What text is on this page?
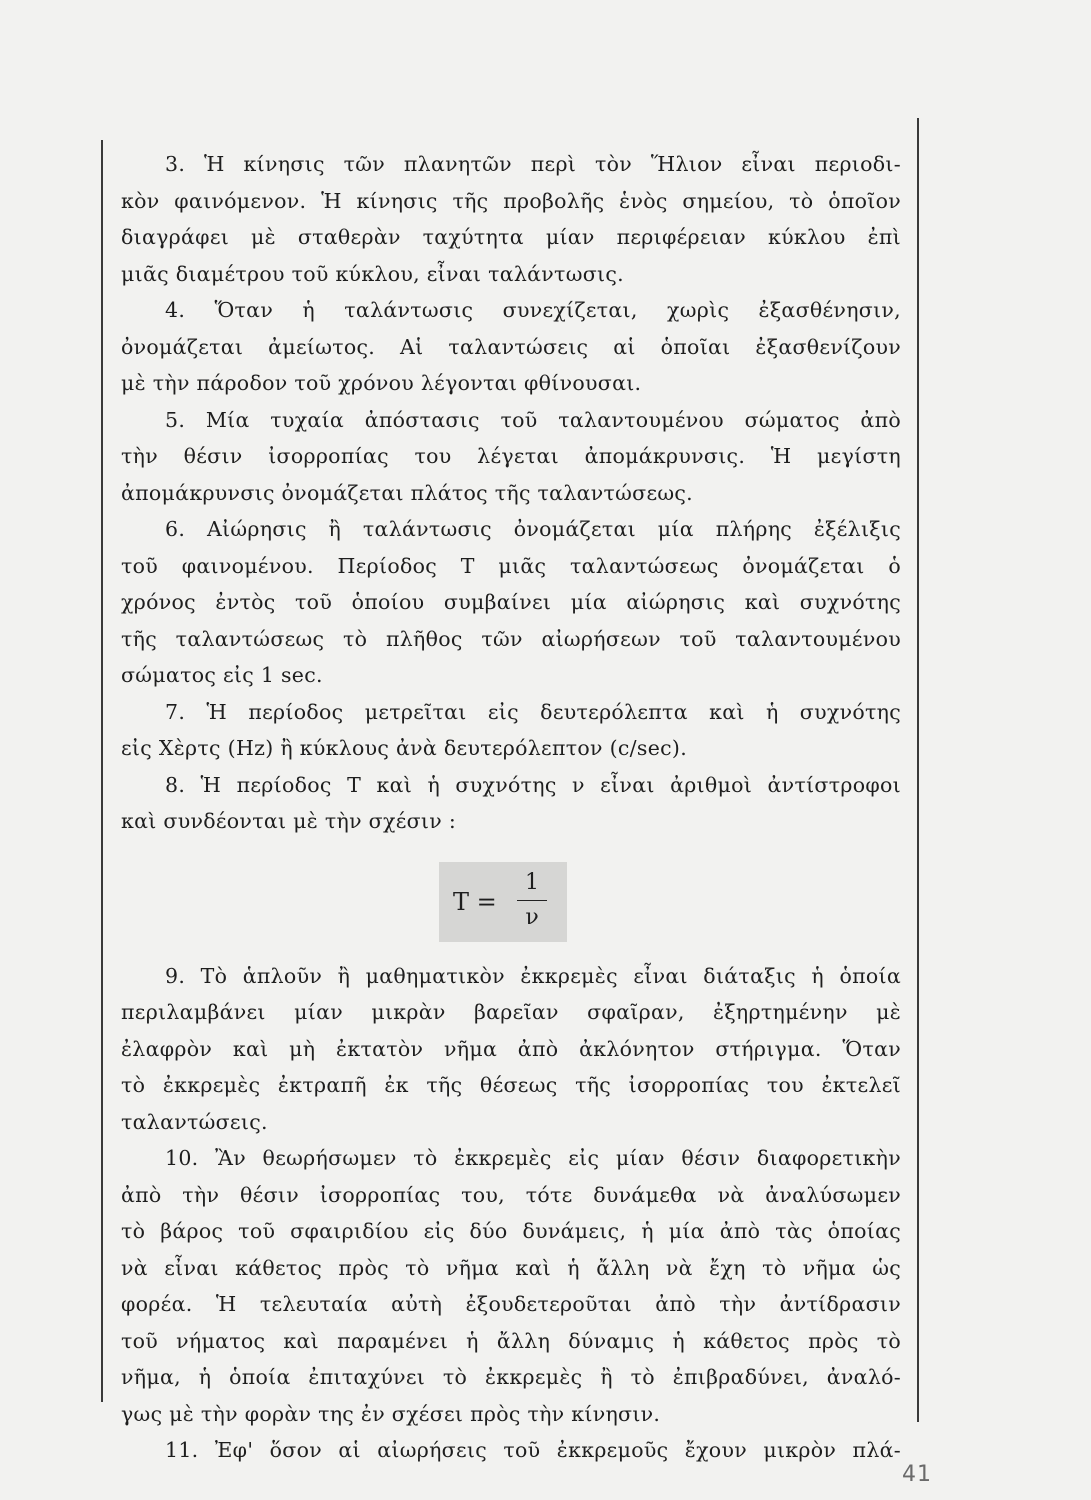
3. Ἡ κίνησις τῶν πλανητῶν περὶ τὸν Ἥλιον εἶναι περιοδι-
κὸν φαινόμενον. Ἡ κίνησις τῆς προβολῆς ἑνὸς σημείου, τὸ ὁποῖον
διαγράφει μὲ σταθερὰν ταχύτητα μίαν περιφέρειαν κύκλου ἐπὶ
μιᾶς διαμέτρου τοῦ κύκλου, εἶναι ταλάντωσις.
4. Ὅταν ἡ ταλάντωσις συνεχίζεται, χωρὶς ἐξασθένησιν,
ὀνομάζεται ἀμείωτος. Αἱ ταλαντώσεις αἱ ὁποῖαι ἐξασθενίζουν
μὲ τὴν πάροδον τοῦ χρόνου λέγονται φθίνουσαι.
5. Μία τυχαία ἀπόστασις τοῦ ταλαντουμένου σώματος ἀπὸ
τὴν θέσιν ἰσορροπίας του λέγεται ἀπομάκρυνσις. Ἡ μεγίστη
ἀπομάκρυνσις ὀνομάζεται πλάτος τῆς ταλαντώσεως.
6. Αἰώρησις ἢ ταλάντωσις ὀνομάζεται μία πλήρης ἐξέλιξις
τοῦ φαινομένου. Περίοδος Τ μιᾶς ταλαντώσεως ὀνομάζεται ὁ
χρόνος ἐντὸς τοῦ ὁποίου συμβαίνει μία αἰώρησις καὶ συχνότης
τῆς ταλαντώσεως τὸ πλῆθος τῶν αἰωρήσεων τοῦ ταλαντουμένου
σώματος εἰς 1 sec.
7. Ἡ περίοδος μετρεῖται εἰς δευτερόλεπτα καὶ ἡ συχνότης
εἰς Χὲρτς (Hz) ἢ κύκλους ἀνὰ δευτερόλεπτον (c/sec).
8. Ἡ περίοδος Τ καὶ ἡ συχνότης ν εἶναι ἀριθμοὶ ἀντίστροφοι
καὶ συνδέονται μὲ τὴν σχέσιν :
T =
1
ν
9. Τὸ ἁπλοῦν ἢ μαθηματικὸν ἐκκρεμὲς εἶναι διάταξις ἡ ὁποία
περιλαμβάνει μίαν μικρὰν βαρεῖαν σφαῖραν, ἐξηρτημένην μὲ
ἐλαφρὸν καὶ μὴ ἐκτατὸν νῆμα ἀπὸ ἀκλόνητον στήριγμα. Ὅταν
τὸ ἐκκρεμὲς ἐκτραπῆ ἐκ τῆς θέσεως τῆς ἰσορροπίας του ἐκτελεῖ
ταλαντώσεις.
10. Ἂν θεωρήσωμεν τὸ ἐκκρεμὲς εἰς μίαν θέσιν διαφορετικὴν
ἀπὸ τὴν θέσιν ἰσορροπίας του, τότε δυνάμεθα νὰ ἀναλύσωμεν
τὸ βάρος τοῦ σφαιριδίου εἰς δύο δυνάμεις, ἡ μία ἀπὸ τὰς ὁποίας
νὰ εἶναι κάθετος πρὸς τὸ νῆμα καὶ ἡ ἄλλη νὰ ἔχη τὸ νῆμα ὡς
φορέα. Ἡ τελευταία αὐτὴ ἐξουδετεροῦται ἀπὸ τὴν ἀντίδρασιν
τοῦ νήματος καὶ παραμένει ἡ ἄλλη δύναμις ἡ κάθετος πρὸς τὸ
νῆμα, ἡ ὁποία ἐπιταχύνει τὸ ἐκκρεμὲς ἢ τὸ ἐπιβραδύνει, ἀναλό-
γως μὲ τὴν φορὰν της ἐν σχέσει πρὸς τὴν κίνησιν.
11. Ἐφ' ὅσον αἱ αἰωρήσεις τοῦ ἐκκρεμοῦς ἔχουν μικρὸν πλά-
41
